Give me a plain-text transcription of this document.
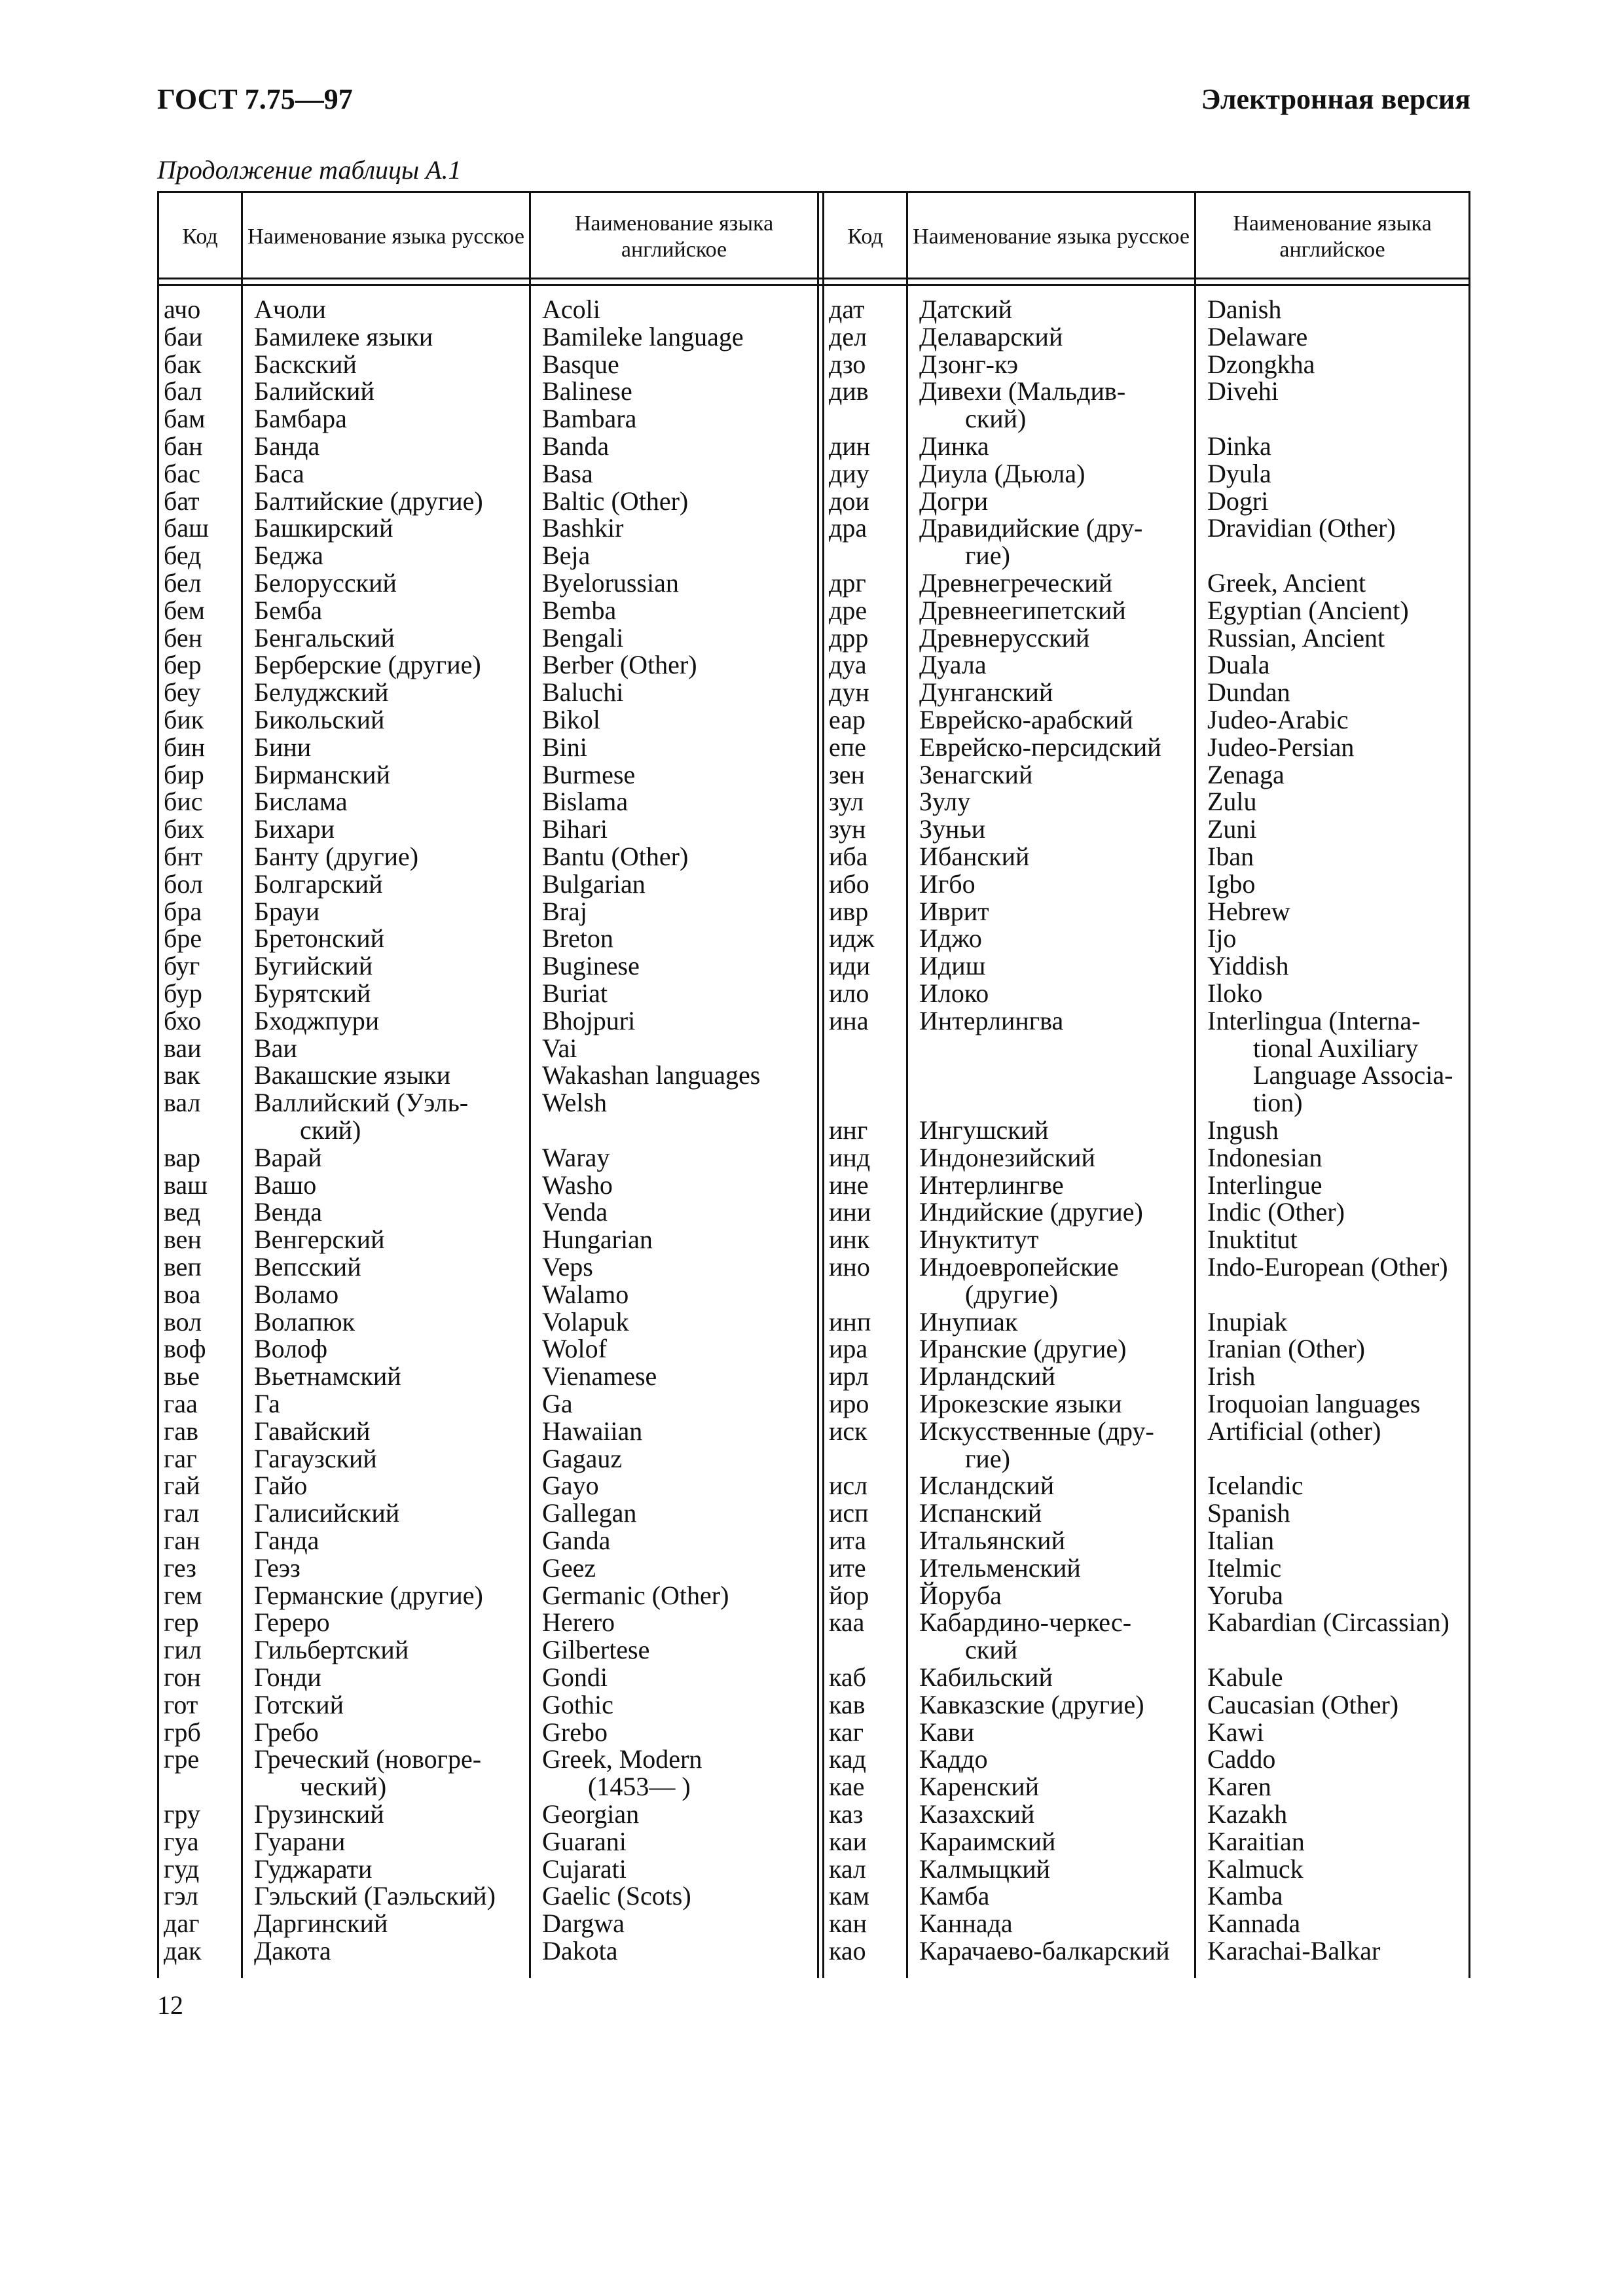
ГОСТ 7.75—97	Электронная версия
Продолжение таблицы А.1
Код	Наименование языка русское
Наименование языка английское
Код	Наименование языка русское
Наименование языка английское
ачо Ачоли	Acoli
баи Бамилеке языки	Bamileke language
бак Баскский	Basque
бал Балийский	Balinese
бам Бамбара	Bambara
бан Банда	Banda
бас Баса	Basa
бат Балтийские (другие) Baltic (Other)
баш Башкирский	Bashkir
бед Беджа	Beja
бел Белорусский	Byelorussian
бем Бемба	Bemba
бен Бенгальский	Bengali
бер Берберские (другие) Berber (Other)
беу Белуджский	Baluchi
бик Бикольский	Bikol
бин Бини	Bini
бир Бирманский	Burmese
бис Бислама	Bislama
бих Бихари	Bihari
бнт Банту (другие)	Bantu (Other)
бол Болгарский	Bulgarian
бра Брауи	Braj
бре Бретонский	Breton
буг Бугийский	Buginese
бур Бурятский	Buriat
бхо Бходжпури	Bhojpuri
ваи Ваи	Vai
вак Вакашские языки	Wakashan languages
вал Валлийский (Уэль-	Welsh
ский)
вар Варай	Waray
ваш Вашо	Washo
вед Венда	Venda
вен Венгерский	Hungarian
веп Вепсский	Veps
воа Воламо	Walamo
вол Волапюк	Volapuk
воф Волоф	Wolof
вье Вьетнамский	Vienamese
гаа Га	Ga
гав Гавайский	Hawaiian
гаг Гагаузский	Gagauz
гай Гайо	Gayo
гал Галисийский	Gallegan
ган Ганда	Ganda
гез Геэз	Geez
гем Германские (другие) Germanic (Other)
гер Гереро	Herero
гил Гильбертский	Gilbertese
гон Гонди	Gondi
гот Готский	Gothic
грб Гребо	Grebo
гре Греческий (новогре- Greek, Modern
ческий)	(1453— )
гру Грузинский	Georgian
гуа Гуарани	Guarani
гуд Гуджарати	Cujarati
гэл Гэльский (Гаэльский) Gaelic (Scots)
даг Даргинский	Dargwa
дак Дакота	Dakota
дат Датский	Danish
дел Делаварский	Delaware
дзо Дзонг-кэ	Dzongkha
див Дивехи (Мальдив-	Divehi
ский)
дин Динка	Dinka
диу Диула (Дьюла)	Dyula
дои Догри	Dogri
дра Дравидийские (дру- Dravidian (Other)
гие)
дрг Древнегреческий	Greek, Ancient
дре Древнеегипетский	Egyptian (Ancient)
дрр Древнерусский	Russian, Ancient
дуа Дуала	Duala
дун Дунганский	Dundan
еар Еврейско-арабский	Judeo-Arabic
епе Еврейско-персидский Judeo-Persian
зен Зенагский	Zenaga
зул Зулу	Zulu
зун Зуньи	Zuni
иба Ибанский	Iban
ибо Игбо	Igbo
ивр Иврит	Hebrew
идж Иджо	Ijo
иди Идиш	Yiddish
ило Илоко	Iloko
ина Интерлингва	Interlingua (Interna-
tional Auxiliary
Language Associa-
tion)
инг Ингушский	Ingush
инд Индонезийский	Indonesian
ине Интерлингве	Interlingue
ини Индийские (другие) Indic (Other)
инк Инуктитут	Inuktitut
ино Индоевропейские	Indo-European (Other)
(другие)
инп Инупиак	Inupiak
ира Иранские (другие)	Iranian (Other)
ирл Ирландский	Irish
иро Ирокезские языки	Iroquoian languages
иск Искусственные (дру- Artificial (other)
гие)
исл Исландский	Icelandic
исп Испанский	Spanish
ита Итальянский	Italian
ите Ительменский	Itelmic
йор Йоруба	Yoruba
каа Кабардино-черкес-	Kabardian (Circassian)
ский
каб Кабильский	Kabule
кав Кавказские (другие) Caucasian (Other)
каг Кави	Kawi
кад Каддо	Caddo
кае Каренский	Karen
каз Казахский	Kazakh
каи Караимский	Karaitian
кал Калмыцкий	Kalmuck
кам Камба	Kamba
кан Каннада	Kannada
као Карачаево-балкарский Karachai-Balkar
12
